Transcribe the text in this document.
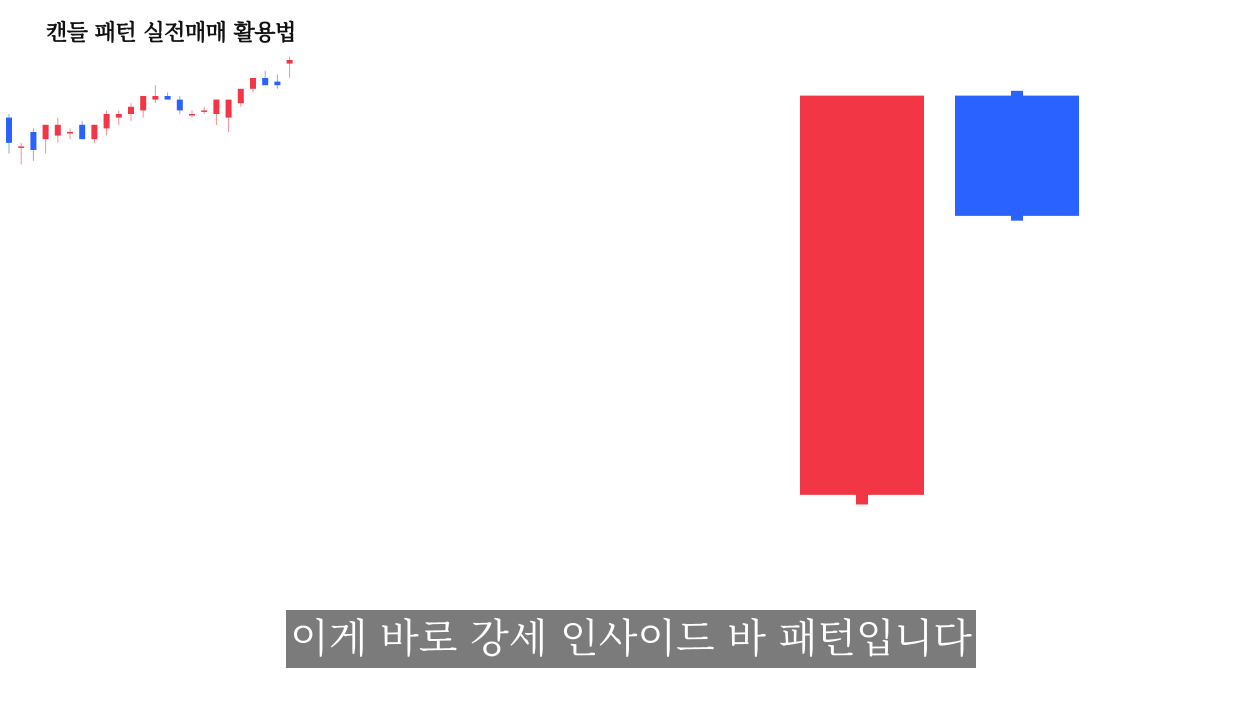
캔들 패턴 실전매매 활용법
이게 바로 강세 인사이드 바 패턴입니다
